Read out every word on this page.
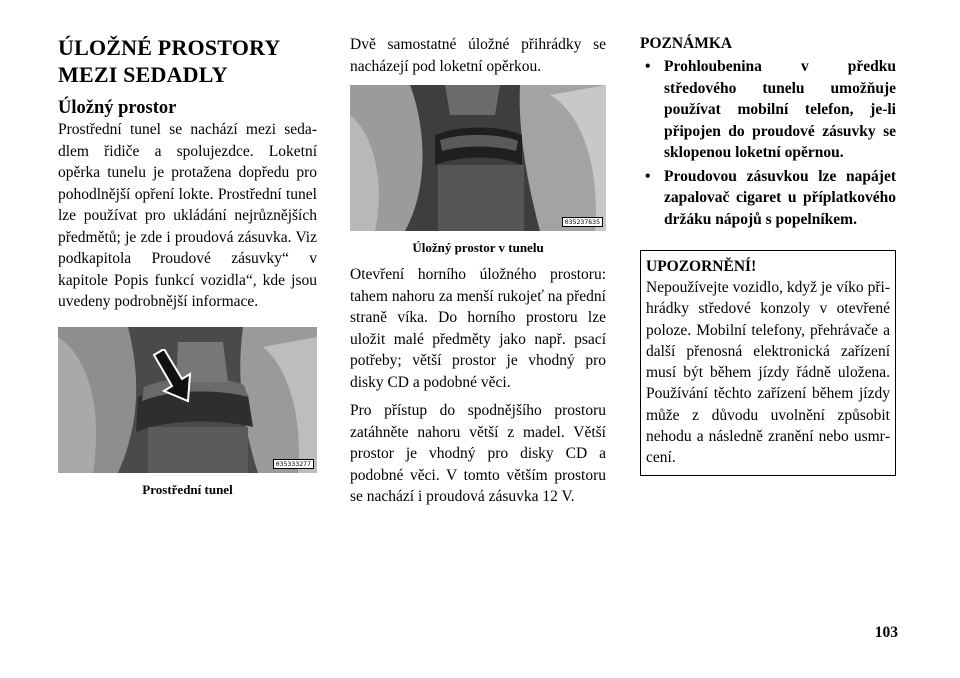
ÚLOŽNÉ PROSTORY
MEZI SEDADLY
Úložný prostor

Prostřední tunel se nachází mezi sedadlem řidiče a spolujezdce. Loketní opěrka tunelu je protažena dopředu pro pohodlnější opření lokte. Prostřední tunel lze používat pro ukládání nejrůznějších předmětů; je zde i proudová zásuvka. Viz podkapitola Proudové zásuvky“ v kapitole Popis funkcí vozidla“, kde jsou uvedeny podrobnější informace.

035333277
Prostřední tunel

Dvě samostatné úložné přihrádky se nacházejí pod loketní opěrkou.

035237635
Úložný prostor v tunelu

Otevření horního úložného prostoru: tahem nahoru za menší rukojeť na přední straně víka. Do horního prostoru lze uložit malé předměty jako např. psací potřeby; větší prostor je vhodný pro disky CD a podobné věci.

Pro přístup do spodnějšího prostoru zatáhněte nahoru větší z madel. Větší prostor je vhodný pro disky CD a podobné věci. V tomto větším prostoru se nachází i proudová zásuvka 12 V.

POZNÁMKA

• Prohloubenina v předku středového tunelu umožňuje používat mobilní telefon, je-li připojen do proudové zásuvky se sklopenou loketní opěrnou.
• Proudovou zásuvkou lze napájet zapalovač cigaret u příplatkového držáku nápojů s popelníkem.

UPOZORNĚNÍ!

Nepoužívejte vozidlo, když je víko přihrádky středové konzoly v otevřené poloze. Mobilní telefony, přehrávače a další přenosná elektronická zařízení musí být během jízdy řádně uložena. Používání těchto zařízení během jízdy může z důvodu uvolnění způsobit nehodu a následně zranění nebo usmrcení.

103
